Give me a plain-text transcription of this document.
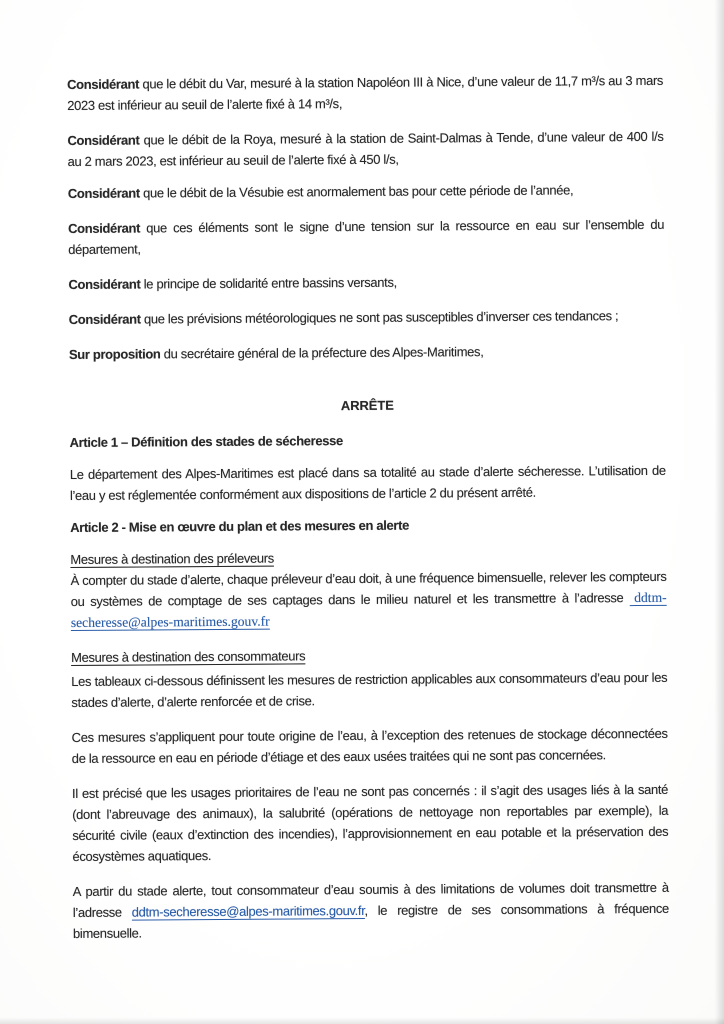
Considérant que le débit du Var, mesuré à la station Napoléon III à Nice, d’une valeur de 11,7 m³/s au 3 mars 2023 est inférieur au seuil de l’alerte fixé à 14 m³/s,

Considérant que le débit de la Roya, mesuré à la station de Saint-Dalmas à Tende, d’une valeur de 400 l/s au 2 mars 2023, est inférieur au seuil de l’alerte fixé à 450 l/s,

Considérant que le débit de la Vésubie est anormalement bas pour cette période de l’année,

Considérant que ces éléments sont le signe d’une tension sur la ressource en eau sur l’ensemble du département,

Considérant le principe de solidarité entre bassins versants,

Considérant que les prévisions météorologiques ne sont pas susceptibles d’inverser ces tendances ;

Sur proposition du secrétaire général de la préfecture des Alpes-Maritimes,

ARRÊTE

Article 1 – Définition des stades de sécheresse

Le département des Alpes-Maritimes est placé dans sa totalité au stade d’alerte sécheresse. L’utilisation de l’eau y est réglementée conformément aux dispositions de l’article 2 du présent arrêté.

Article 2 - Mise en œuvre du plan et des mesures en alerte

Mesures à destination des préleveurs
À compter du stade d’alerte, chaque préleveur d’eau doit, à une fréquence bimensuelle, relever les compteurs ou systèmes de comptage de ses captages dans le milieu naturel et les transmettre à l’adresse ddtm-secheresse@alpes-maritimes.gouv.fr

Mesures à destination des consommateurs

Les tableaux ci-dessous définissent les mesures de restriction applicables aux consommateurs d’eau pour les stades d’alerte, d’alerte renforcée et de crise.

Ces mesures s’appliquent pour toute origine de l’eau, à l’exception des retenues de stockage déconnectées de la ressource en eau en période d’étiage et des eaux usées traitées qui ne sont pas concernées.

Il est précisé que les usages prioritaires de l’eau ne sont pas concernés : il s’agit des usages liés à la santé (dont l’abreuvage des animaux), la salubrité (opérations de nettoyage non reportables par exemple), la sécurité civile (eaux d’extinction des incendies), l’approvisionnement en eau potable et la préservation des écosystèmes aquatiques.

A partir du stade alerte, tout consommateur d’eau soumis à des limitations de volumes doit transmettre à l’adresse ddtm-secheresse@alpes-maritimes.gouv.fr, le registre de ses consommations à fréquence bimensuelle.
